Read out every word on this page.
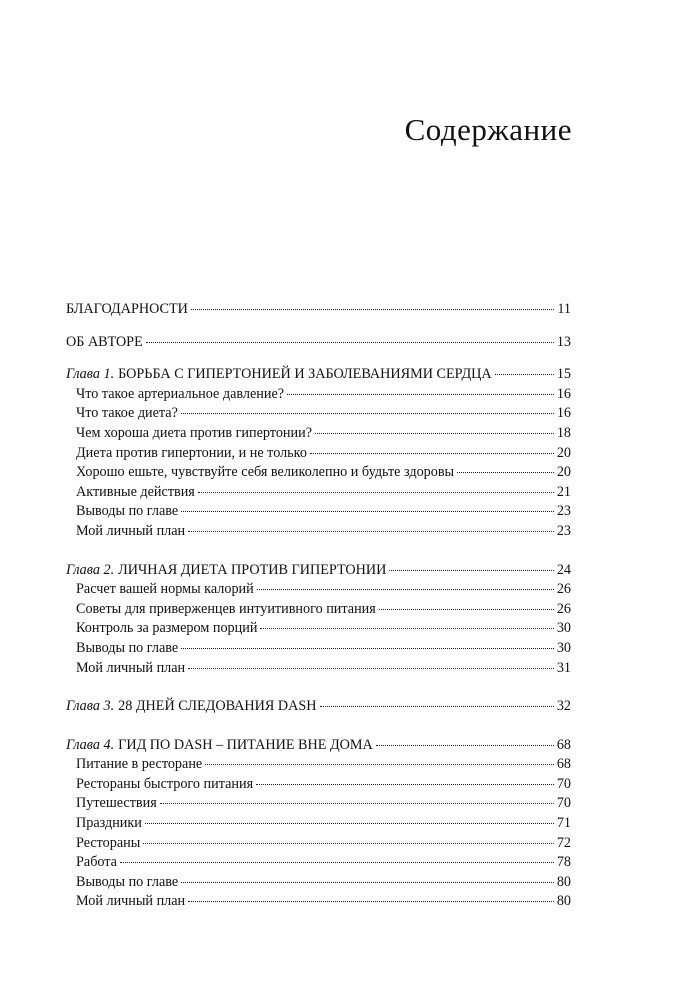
Содержание
БЛАГОДАРНОСТИ	11
ОБ АВТОРЕ	13
Глава 1. БОРЬБА С ГИПЕРТОНИЕЙ И ЗАБОЛЕВАНИЯМИ СЕРДЦА	15
Что такое артериальное давление?	16
Что такое диета?	16
Чем хороша диета против гипертонии?	18
Диета против гипертонии, и не только	20
Хорошо ешьте, чувствуйте себя великолепно и будьте здоровы	20
Активные действия	21
Выводы по главе	23
Мой личный план	23
Глава 2. ЛИЧНАЯ ДИЕТА ПРОТИВ ГИПЕРТОНИИ	24
Расчет вашей нормы калорий	26
Советы для приверженцев интуитивного питания	26
Контроль за размером порций	30
Выводы по главе	30
Мой личный план	31
Глава 3. 28 ДНЕЙ СЛЕДОВАНИЯ DASH	32
Глава 4. ГИД ПО DASH – ПИТАНИЕ ВНЕ ДОМА	68
Питание в ресторане	68
Рестораны быстрого питания	70
Путешествия	70
Праздники	71
Рестораны	72
Работа	78
Выводы по главе	80
Мой личный план	80
